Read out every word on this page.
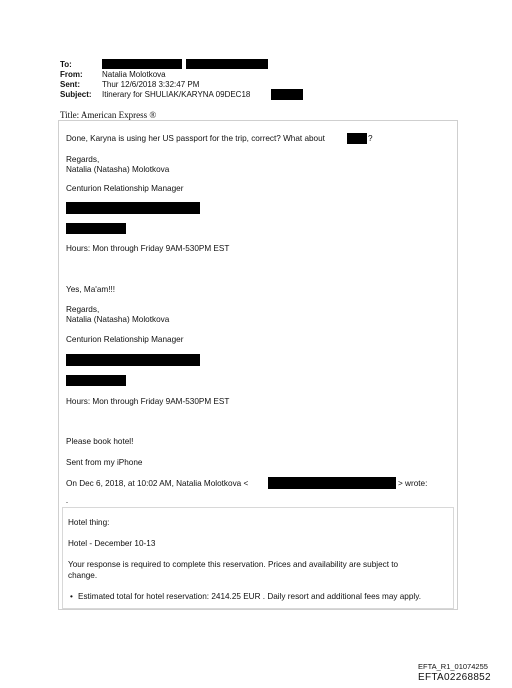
To:
From: Natalia Molotkova
Sent:	Thur 12/6/2018 3:32:47 PM
Subject: Itinerary for SHULIAK/KARYNA 09DEC18
Title: American Express ®
Done, Karyna is using her US passport for the trip, correct? What about	?
Regards,
Natalia (Natasha) Molotkova
Centurion Relationship Manager
Hours: Mon through Friday 9AM-530PM EST
Yes, Ma'am!!!
Regards,
Natalia (Natasha) Molotkova
Centurion Relationship Manager
Hours: Mon through Friday 9AM-530PM EST
Please book hotel!
Sent from my iPhone
On Dec 6, 2018, at 10:02 AM, Natalia Molotkova <	> wrote:
-
Hotel thing:
Hotel - December 10-13
Your response is required to complete this reservation. Prices and availability are subject to
change.
• Estimated total for hotel reservation: 2414.25 EUR . Daily resort and additional fees may apply.
EFTA_R1_01074255
EFTA02268852
